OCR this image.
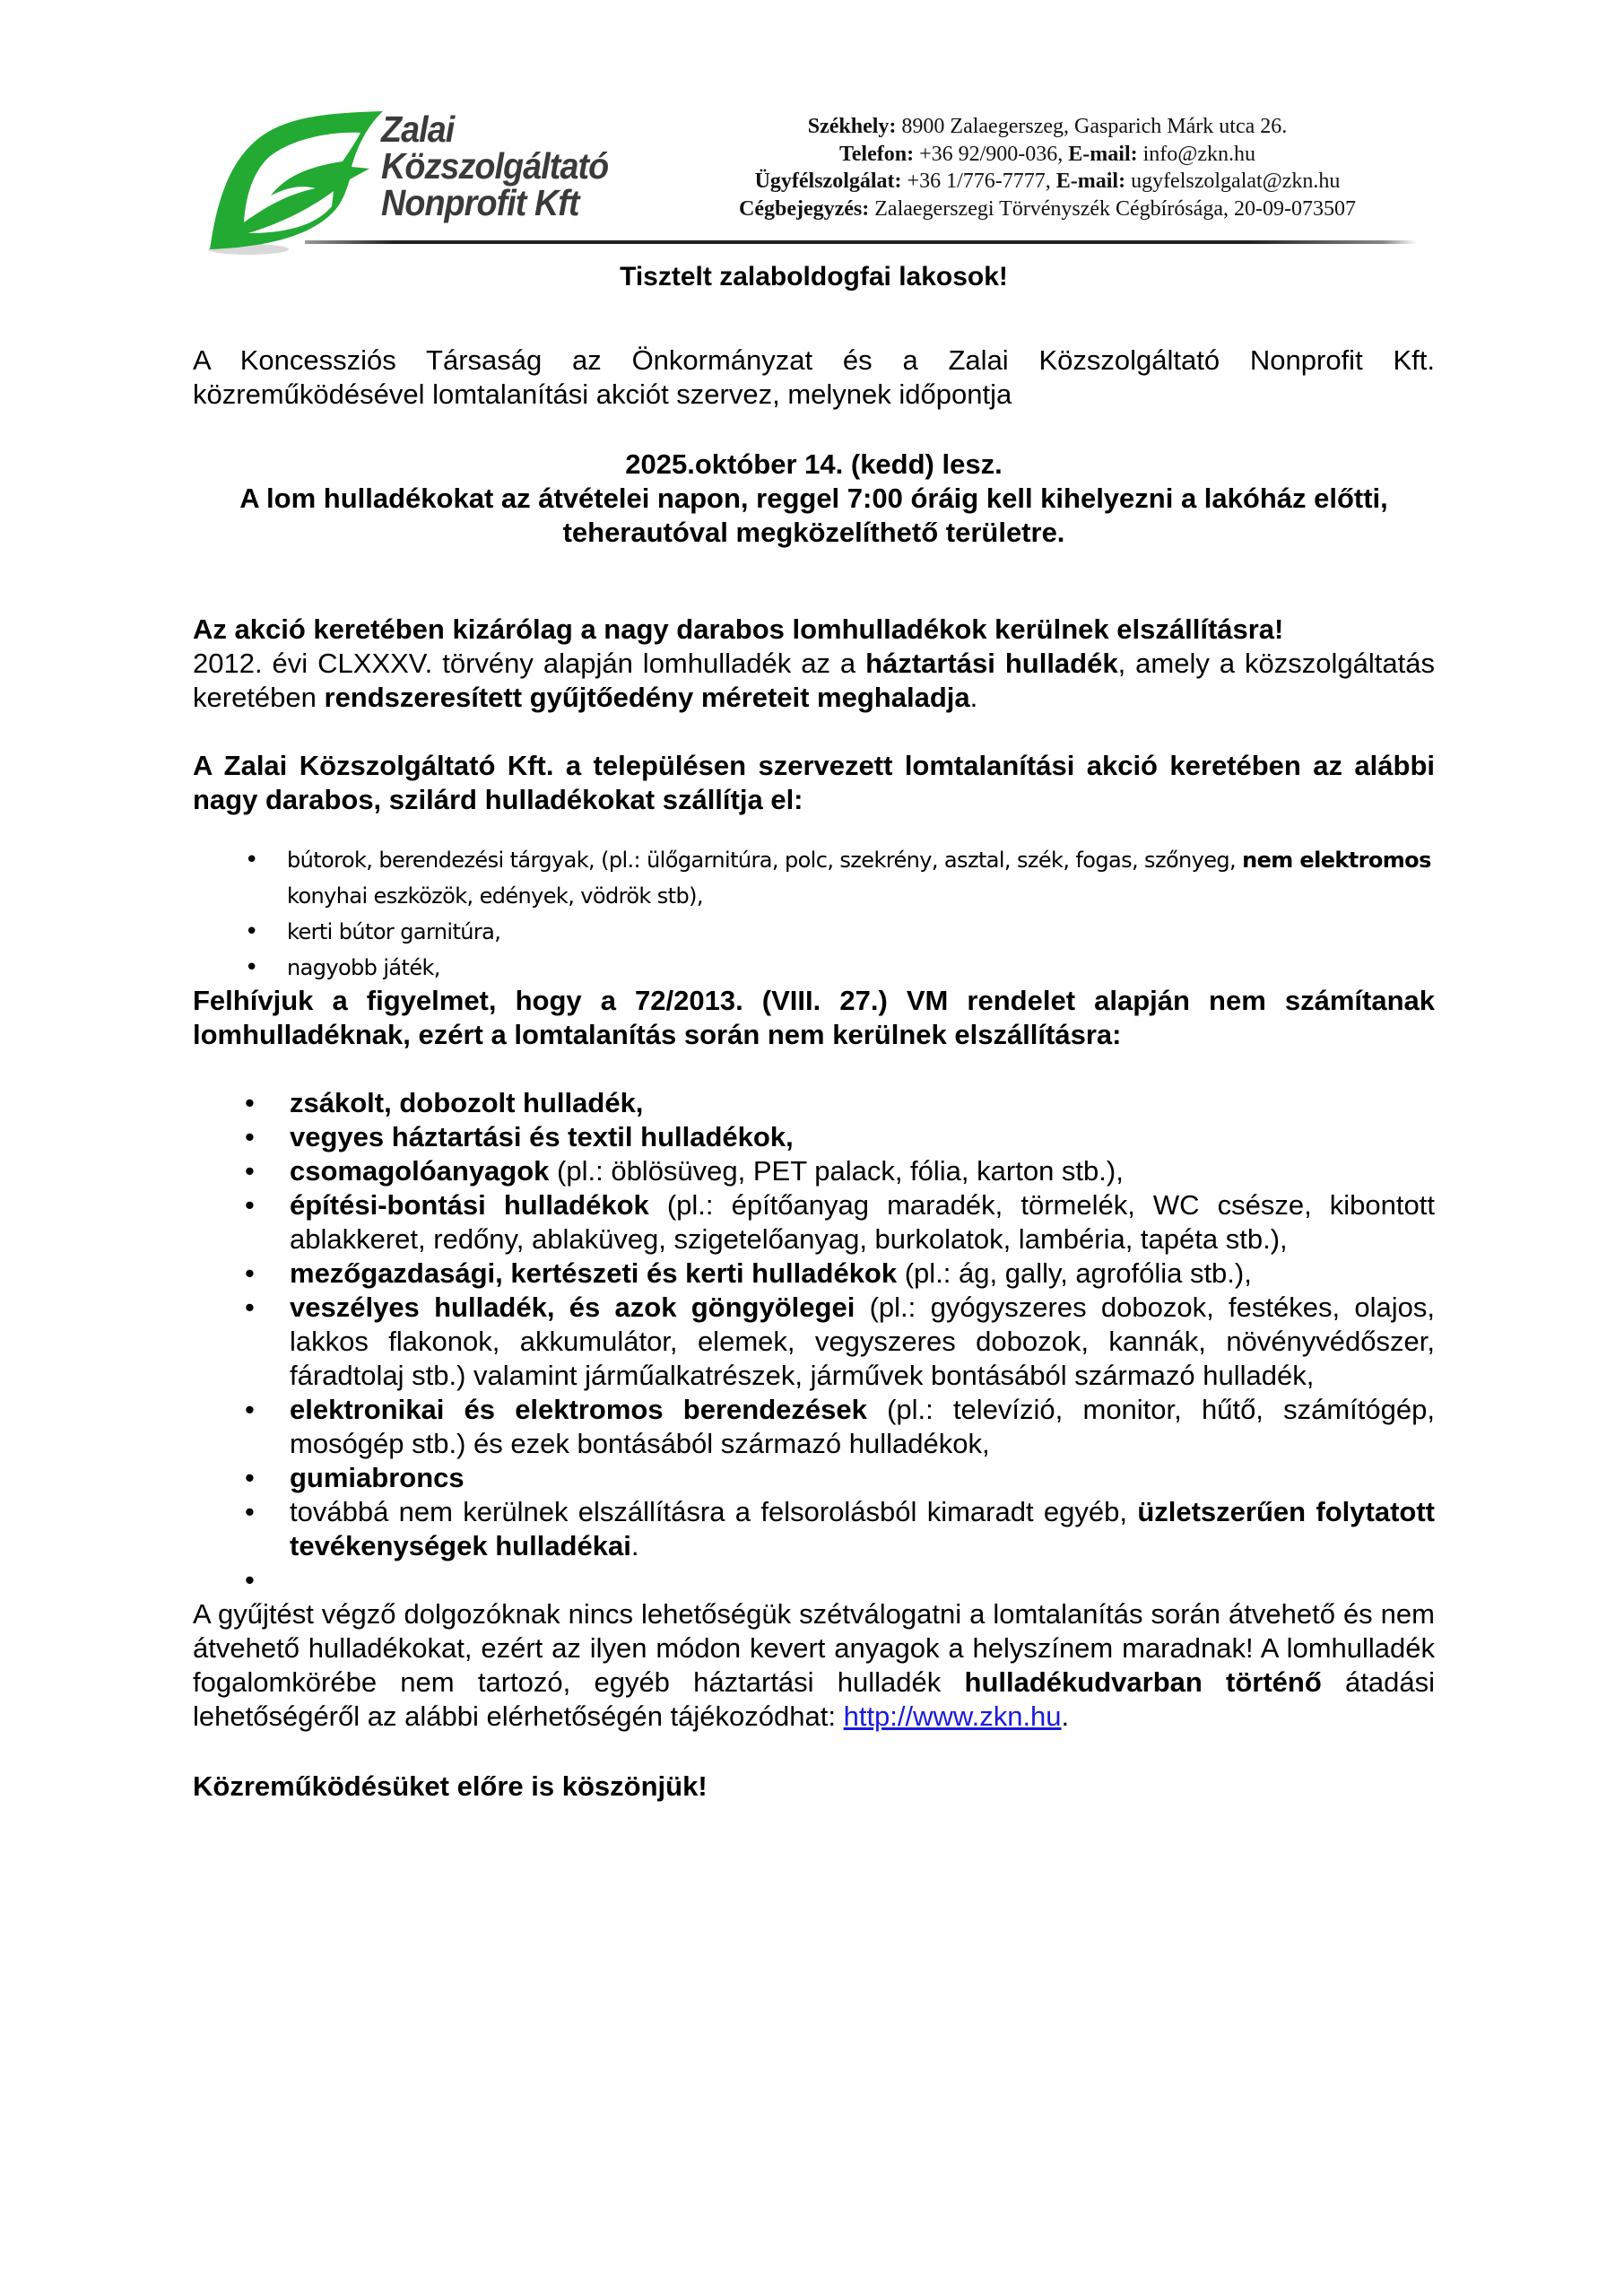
Zalai
Közszolgáltató
Nonprofit Kft
Székhely: 8900 Zalaegerszeg, Gasparich Márk utca 26.
Telefon: +36 92/900-036, E-mail: info@zkn.hu
Ügyfélszolgálat: +36 1/776-7777, E-mail: ugyfelszolgalat@zkn.hu
Cégbejegyzés: Zalaegerszegi Törvényszék Cégbírósága, 20-09-073507

Tisztelt zalaboldogfai lakosok!

A Koncessziós Társaság az Önkormányzat és a Zalai Közszolgáltató Nonprofit Kft. közreműködésével lomtalanítási akciót szervez, melynek időpontja

2025.október 14. (kedd) lesz.

A lom hulladékokat az átvételei napon, reggel 7:00 óráig kell kihelyezni a lakóház előtti, teherautóval megközelíthető területre.

Az akció keretében kizárólag a nagy darabos lomhulladékok kerülnek elszállításra!

2012. évi CLXXXV. törvény alapján lomhulladék az a háztartási hulladék, amely a közszolgáltatás keretében rendszeresített gyűjtőedény méreteit meghaladja.

A Zalai Közszolgáltató Kft. a településen szervezett lomtalanítási akció keretében az alábbi nagy darabos, szilárd hulladékokat szállítja el:

• bútorok, berendezési tárgyak, (pl.: ülőgarnitúra, polc, szekrény, asztal, szék, fogas, szőnyeg, nem elektromos konyhai eszközök, edények, vödrök stb),
• kerti bútor garnitúra,
• nagyobb játék,

Felhívjuk a figyelmet, hogy a 72/2013. (VIII. 27.) VM rendelet alapján nem számítanak lomhulladéknak, ezért a lomtalanítás során nem kerülnek elszállításra:

• zsákolt, dobozolt hulladék,
• vegyes háztartási és textil hulladékok,
• csomagolóanyagok (pl.: öblösüveg, PET palack, fólia, karton stb.),
• építési-bontási hulladékok (pl.: építőanyag maradék, törmelék, WC csésze, kibontott ablakkeret, redőny, ablaküveg, szigetelőanyag, burkolatok, lambéria, tapéta stb.),
• mezőgazdasági, kertészeti és kerti hulladékok (pl.: ág, gally, agrofólia stb.),
• veszélyes hulladék, és azok göngyölegei (pl.: gyógyszeres dobozok, festékes, olajos, lakkos flakonok, akkumulátor, elemek, vegyszeres dobozok, kannák, növényvédőszer, fáradtolaj stb.) valamint járműalkatrészek, járművek bontásából származó hulladék,
• elektronikai és elektromos berendezések (pl.: televízió, monitor, hűtő, számítógép, mosógép stb.) és ezek bontásából származó hulladékok,
• gumiabroncs
• továbbá nem kerülnek elszállításra a felsorolásból kimaradt egyéb, üzletszerűen folytatott tevékenységek hulladékai.
•

A gyűjtést végző dolgozóknak nincs lehetőségük szétválogatni a lomtalanítás során átvehető és nem átvehető hulladékokat, ezért az ilyen módon kevert anyagok a helyszínem maradnak! A lomhulladék fogalomkörébe nem tartozó, egyéb háztartási hulladék hulladékudvarban történő átadási lehetőségéről az alábbi elérhetőségén tájékozódhat: http://www.zkn.hu.

Közreműködésüket előre is köszönjük!
